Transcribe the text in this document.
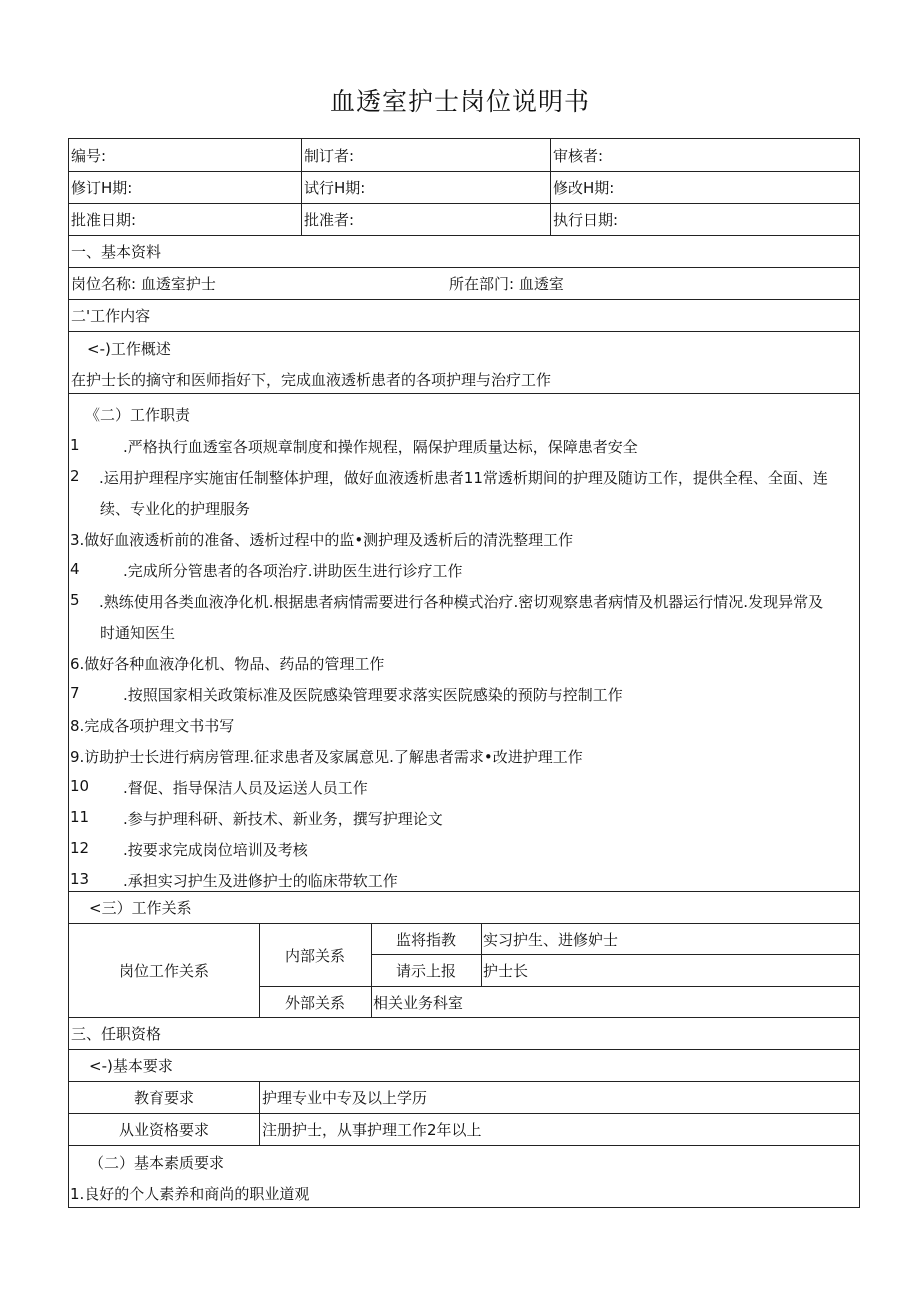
血透室护士岗位说明书
编号:	制订者:	审核者:
修订H期:	试行H期:	修改H期:
批准日期:	批准者:	执行日期:
一、基本资料
岗位名称: 血透室护士	所在部门: 血透室
二'工作内容
<-)工作概述
在护士长的摘守和医师指好下，完成血液透析患者的各项护理与治疗工作
《二）工作职责
1	.严格执行血透室各项规章制度和操作规程，隔保护理质量达标，保障患者安全
2 .运用护理程序实施宙任制整体护理，做好血液透析患者11常透析期间的护理及随访工作，提供全程、全面、连
续、专业化的护理服务
3.做好血液透析前的准备、透析过程中的监•测护理及透析后的清洗整理工作
4	.完成所分管患者的各项治疗.讲助医生进行诊疗工作
5 .熟练使用各类血液净化机.根据患者病情需要进行各种模式治疗.密切观察患者病情及机器运行情况.发现异常及
时通知医生
6.做好各种血液净化机、物品、药品的管理工作
7	.按照国家相关政策标准及医院感染管理要求落实医院感染的预防与控制工作
8.完成各项护理文书书写
9.访助护士长进行病房管理.征求患者及家属意见.了解患者需求•改进护理工作
10 .督促、指导保洁人员及运送人员工作
11 .参与护理科研、新技术、新业务，撰写护理论文
12 .按要求完成岗位培训及考核
13 .承担实习护生及进修护士的临床带软工作
<三）工作关系
岗位工作关系
内部关系
监将指教	实习护生、进修妒士
请示上报	护士长
外部关系	相关业务科室
三、任职资格
<-)基本要求
教育要求	护理专业中专及以上学历
从业资格要求	注册护士，从事护理工作2年以上
（二）基本素质要求
1.良好的个人素养和商尚的职业道观
